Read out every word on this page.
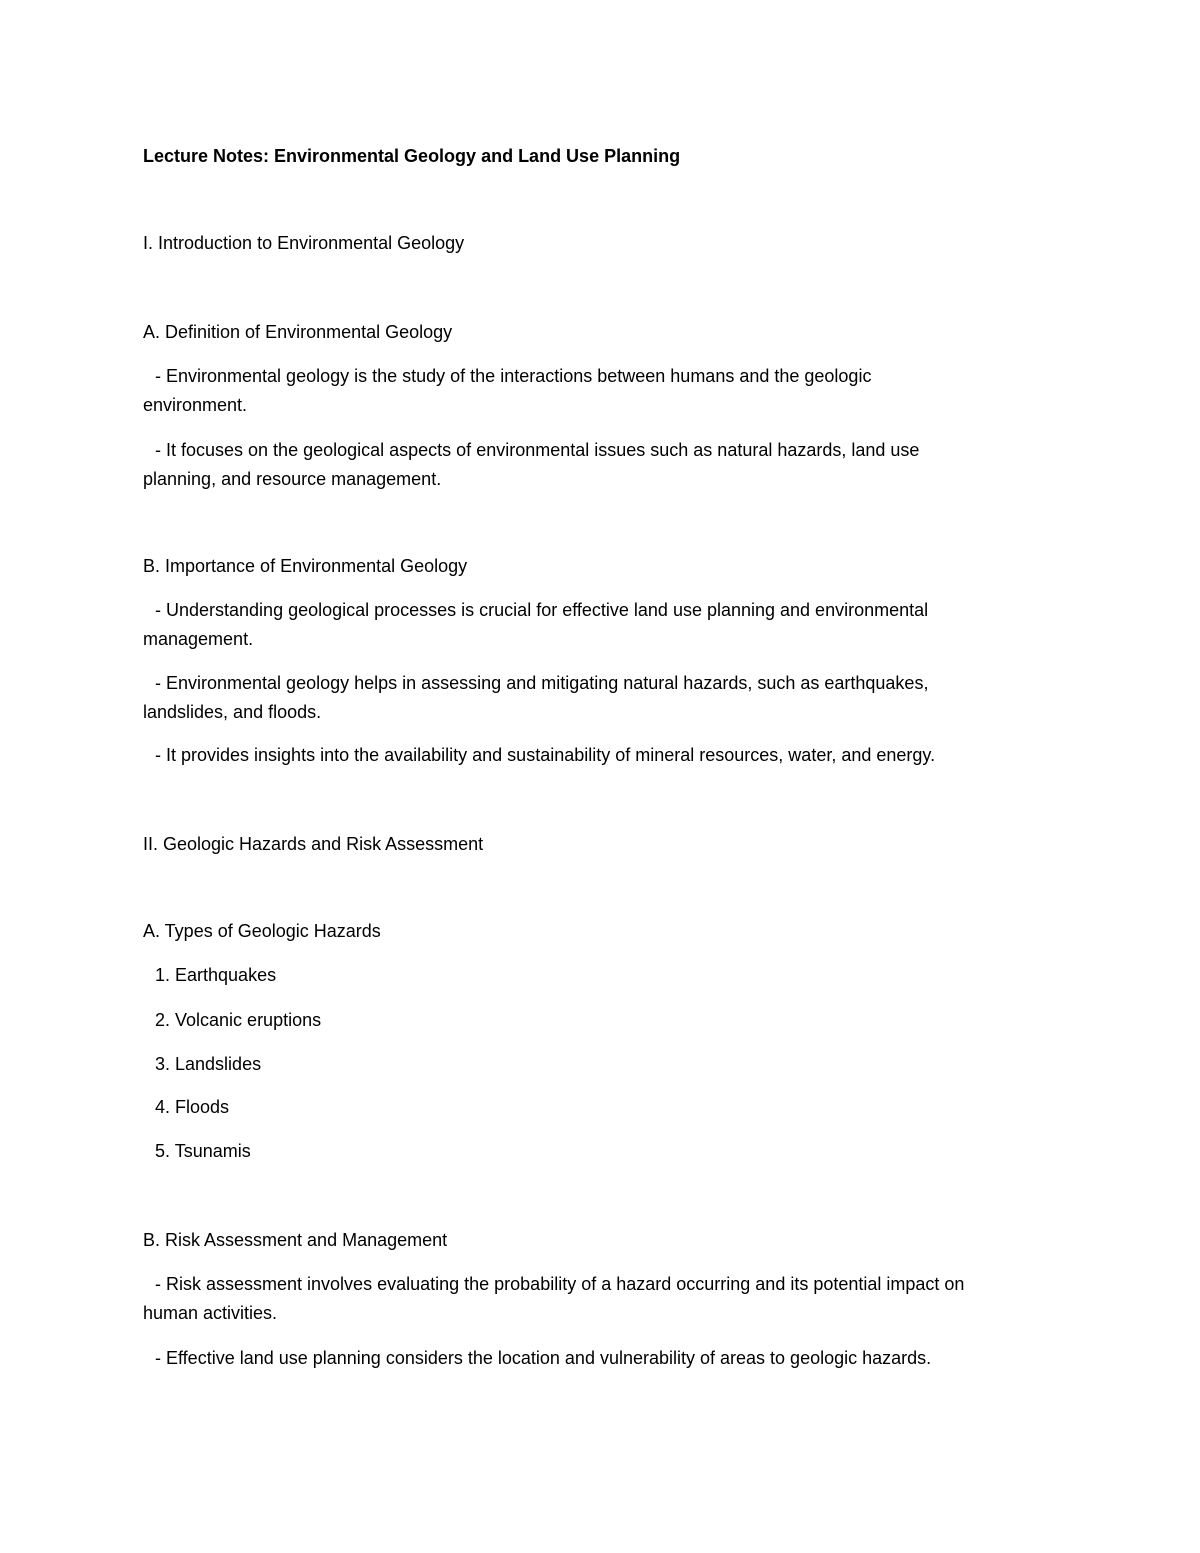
Lecture Notes: Environmental Geology and Land Use Planning

I. Introduction to Environmental Geology

A. Definition of Environmental Geology

- Environmental geology is the study of the interactions between humans and the geologic

environment.

- It focuses on the geological aspects of environmental issues such as natural hazards, land use

planning, and resource management.

B. Importance of Environmental Geology

- Understanding geological processes is crucial for effective land use planning and environmental

management.

- Environmental geology helps in assessing and mitigating natural hazards, such as earthquakes,

landslides, and floods.

- It provides insights into the availability and sustainability of mineral resources, water, and energy.

II. Geologic Hazards and Risk Assessment

A. Types of Geologic Hazards

1. Earthquakes

2. Volcanic eruptions

3. Landslides

4. Floods

5. Tsunamis

B. Risk Assessment and Management

- Risk assessment involves evaluating the probability of a hazard occurring and its potential impact on

human activities.

- Effective land use planning considers the location and vulnerability of areas to geologic hazards.
